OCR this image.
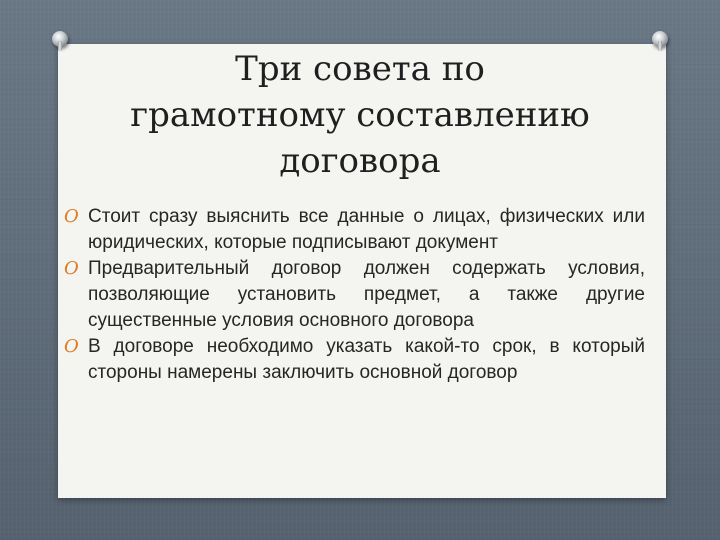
Три совета по
грамотному составлению
договора
O Стоит сразу выяснить все данные о лицах, физических или юридических, которые подписывают документ
O Предварительный договор должен содержать условия, позволяющие установить предмет, а также другие существенные условия основного договора
O В договоре необходимо указать какой-то срок, в который стороны намерены заключить основной договор
